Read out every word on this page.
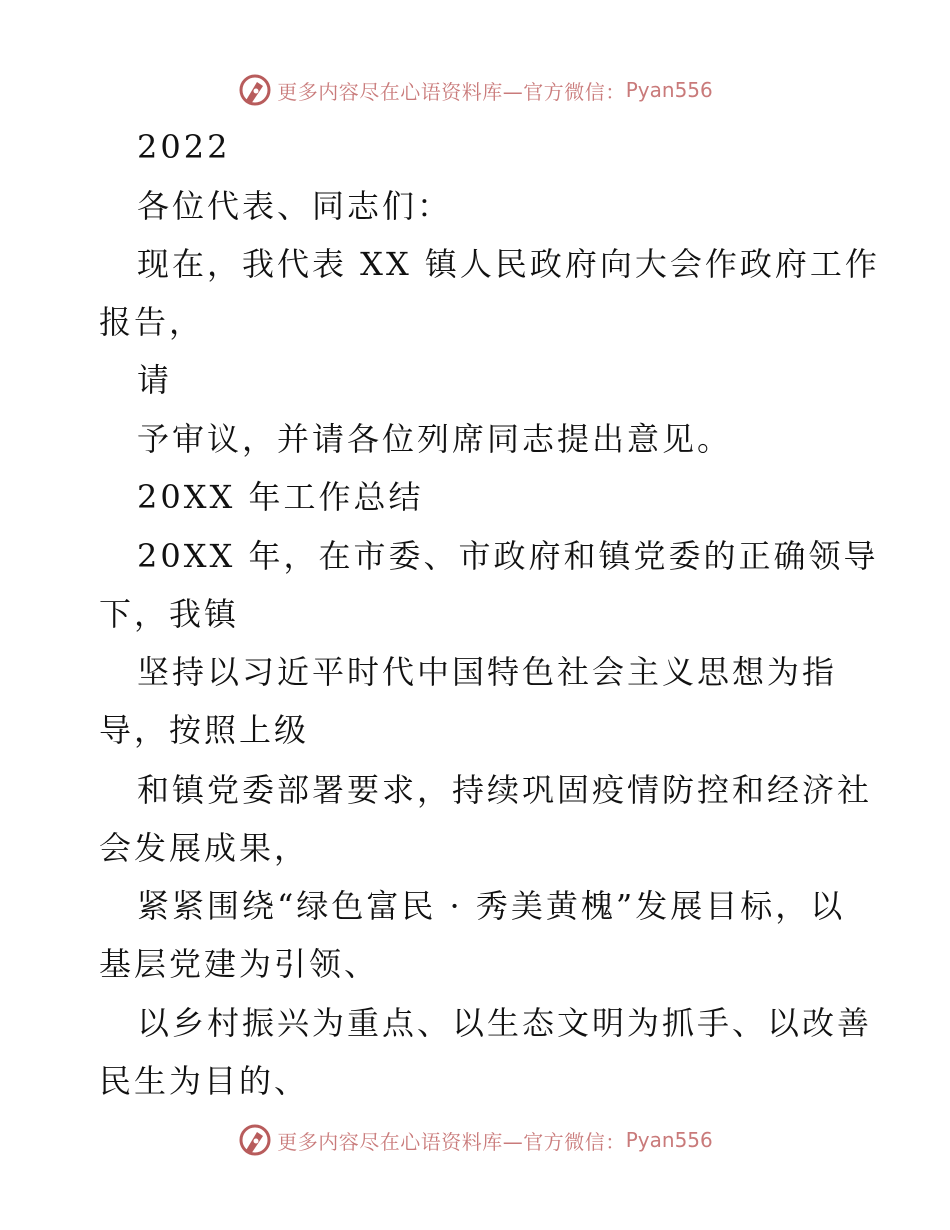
更多内容尽在心语资料库—官方微信： Pyan556
2022
各位代表、同志们：
现在，我代表 XX 镇人民政府向大会作政府工作
报告，
请
予审议，并请各位列席同志提出意见。
20XX 年工作总结
20XX 年，在市委、市政府和镇党委的正确领导
下，我镇
坚持以习近平时代中国特色社会主义思想为指
导，按照上级
和镇党委部署要求，持续巩固疫情防控和经济社
会发展成果，
紧紧围绕“绿色富民 · 秀美黄槐”发展目标，以
基层党建为引领、
以乡村振兴为重点、以生态文明为抓手、以改善
民生为目的、
更多内容尽在心语资料库—官方微信： Pyan556
